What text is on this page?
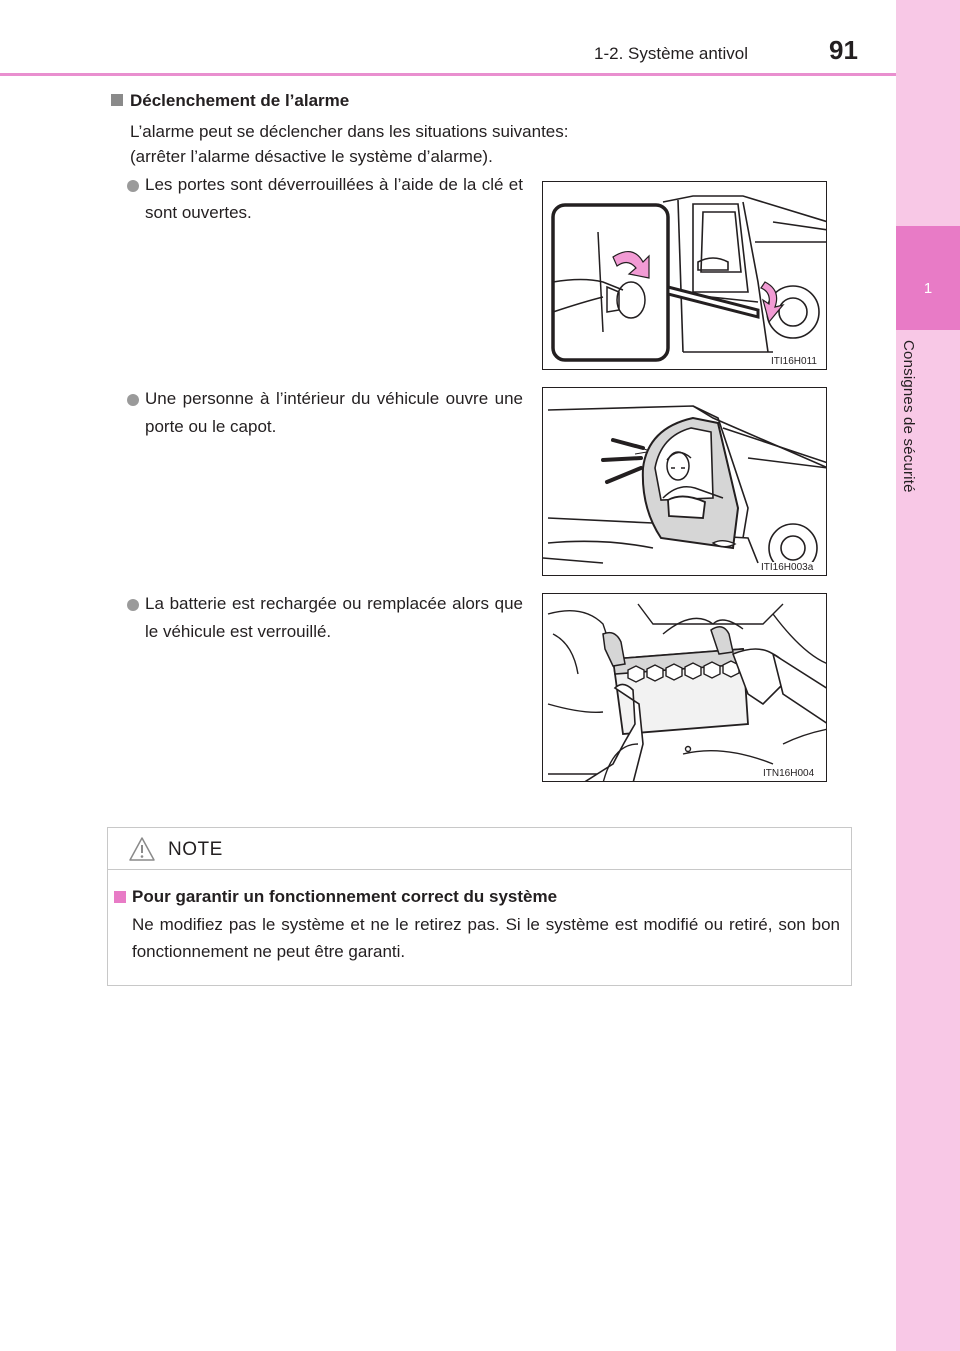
1
Consignes de sécurité
1-2. Système antivol	91
Déclenchement de l’alarme
L’alarme peut se déclencher dans les situations suivantes:
(arrêter l’alarme désactive le système d’alarme).
Les portes sont déverrouillées à l’aide de la clé et sont ouvertes.
ITI16H011
Une personne à l’intérieur du véhicule ouvre une porte ou le capot.
ITI16H003a
La batterie est rechargée ou remplacée alors que le véhicule est verrouillé.
ITN16H004
NOTE
Pour garantir un fonctionnement correct du système
Ne modifiez pas le système et ne le retirez pas. Si le système est modifié ou retiré, son bon fonctionnement ne peut être garanti.
